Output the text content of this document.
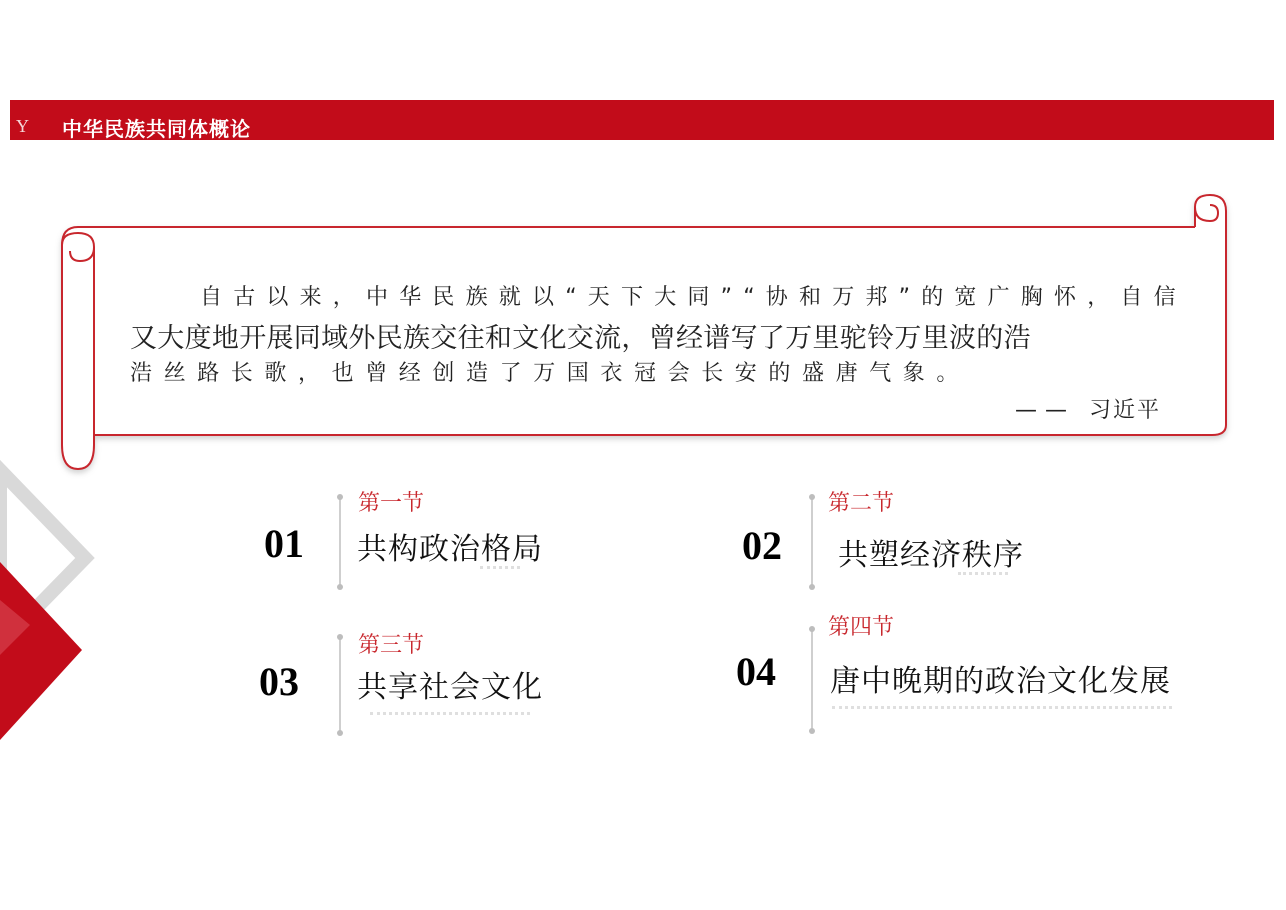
Y 中华民族共同体概论
自古以来，中华民族就以“天下大同”“协和万邦”的宽广胸怀，自信
又大度地开展同域外民族交往和文化交流，曾经谱写了万里驼铃万里波的浩
浩丝路长歌，也曾经创造了万国衣冠会长安的盛唐气象。
—— 习近平
01
第一节
共构政治格局	02
第二节
共塑经济秩序
03
第三节
共享社会文化	04
第四节
唐中晚期的政治文化发展
